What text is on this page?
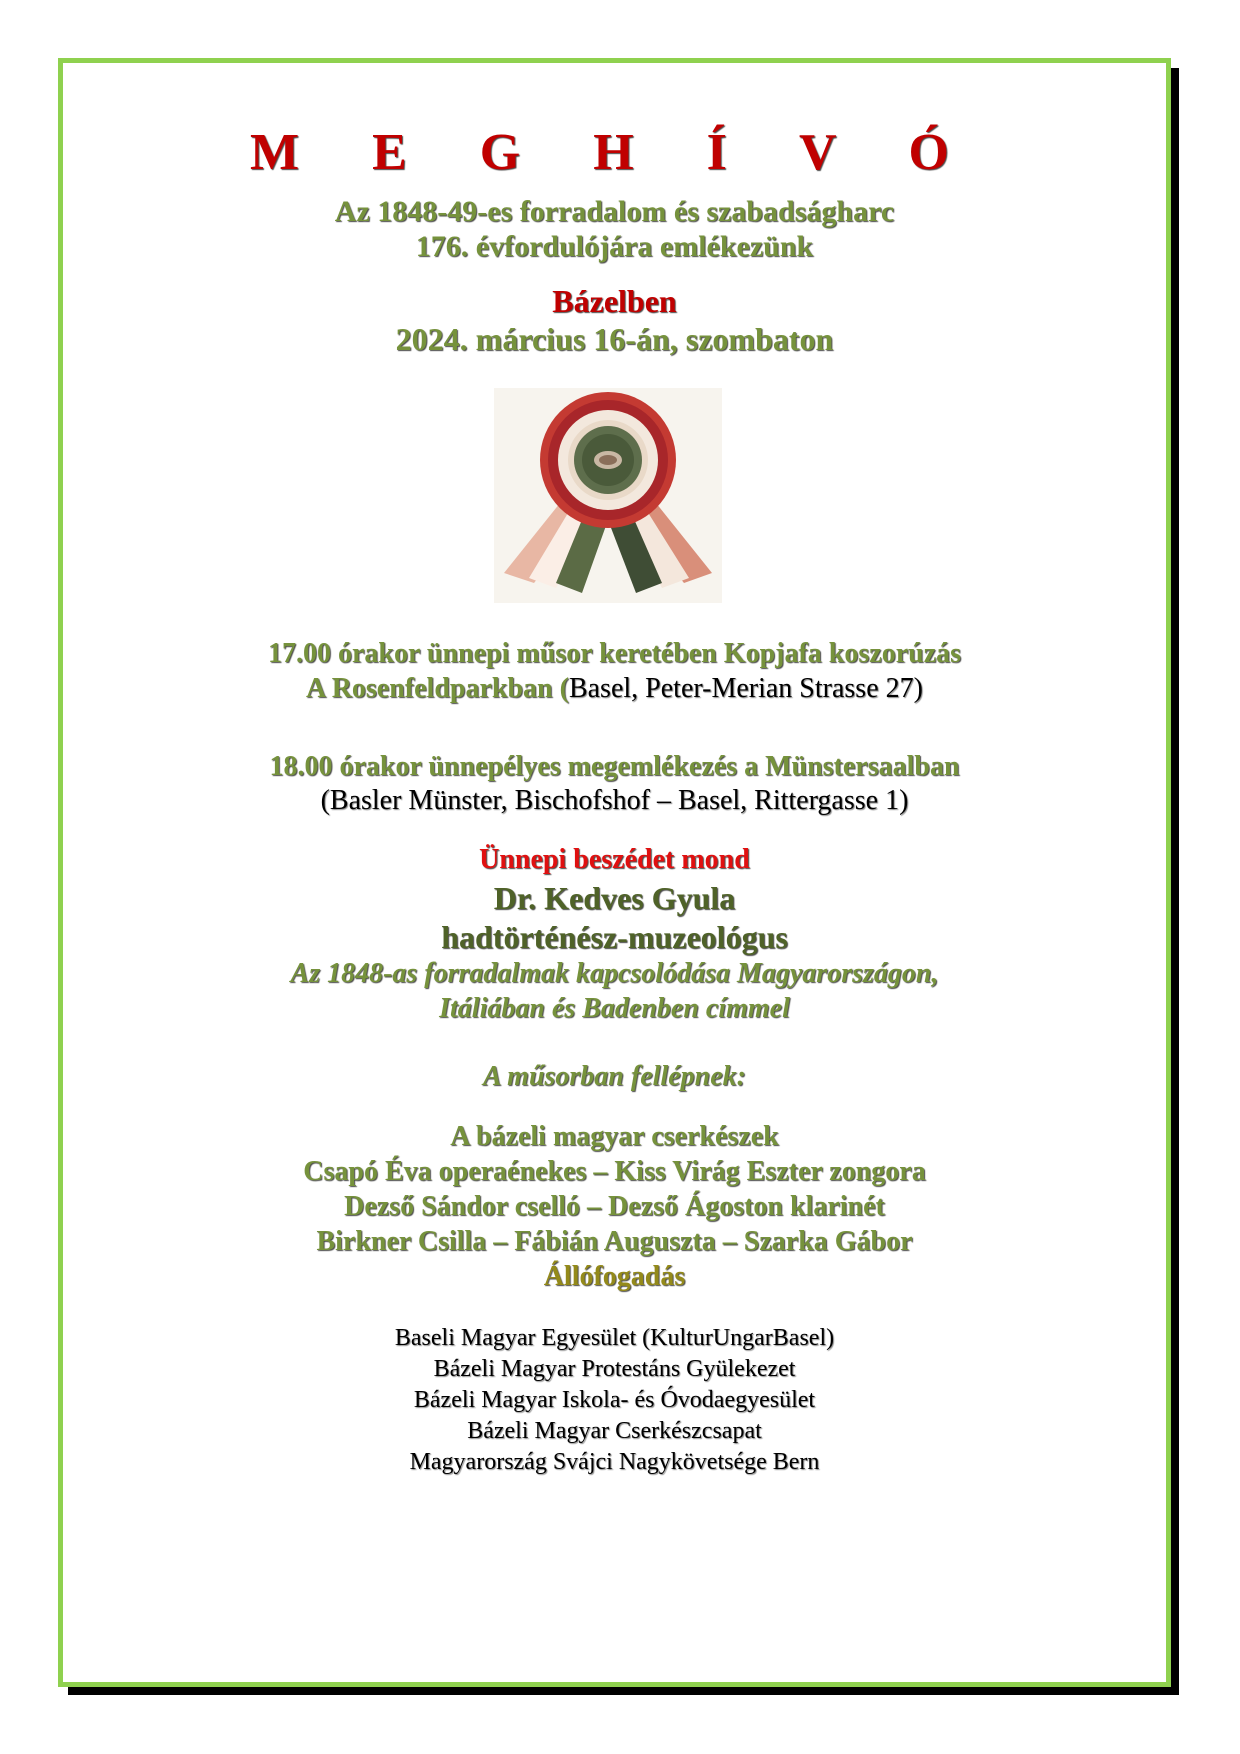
M E G H Í V Ó
Az 1848-49-es forradalom és szabadságharc
176. évfordulójára emlékezünk
Bázelben
2024. március 16-án, szombaton
17.00 órakor ünnepi műsor keretében Kopjafa koszorúzás
A Rosenfeldparkban (Basel, Peter-Merian Strasse 27)
18.00 órakor ünnepélyes megemlékezés a Münstersaalban
(Basler Münster, Bischofshof – Basel, Rittergasse 1)
Ünnepi beszédet mond
Dr. Kedves Gyula
hadtörténész-muzeológus
Az 1848-as forradalmak kapcsolódása Magyarországon,
Itáliában és Badenben címmel
A műsorban fellépnek:
A bázeli magyar cserkészek
Csapó Éva operaénekes – Kiss Virág Eszter zongora
Dezső Sándor cselló – Dezső Ágoston klarinét
Birkner Csilla – Fábián Auguszta – Szarka Gábor
Állófogadás
Baseli Magyar Egyesület (KulturUngarBasel)
Bázeli Magyar Protestáns Gyülekezet
Bázeli Magyar Iskola- és Óvodaegyesület
Bázeli Magyar Cserkészcsapat
Magyarország Svájci Nagykövetsége Bern
